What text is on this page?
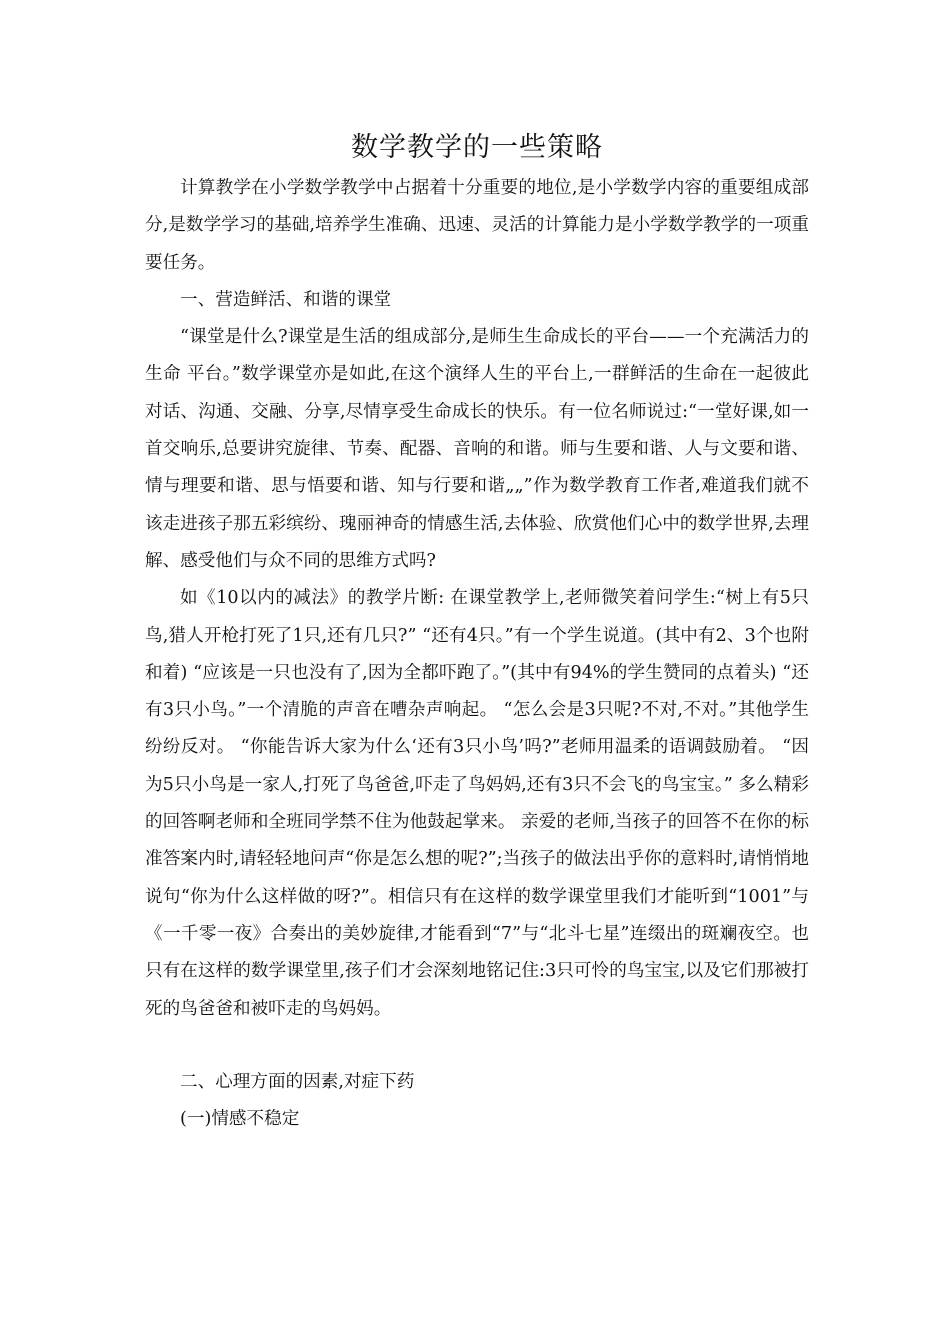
数学教学的一些策略

计算教学在小学数学教学中占据着十分重要的地位,是小学数学内容的重要组成部分,是数学学习的基础,培养学生准确、迅速、灵活的计算能力是小学数学教学的一项重要任务。

一、营造鲜活、和谐的课堂

“课堂是什么?课堂是生活的组成部分,是师生生命成长的平台——一个充满活力的生命 平台。”数学课堂亦是如此,在这个演绎人生的平台上,一群鲜活的生命在一起彼此对话、沟通、交融、分享,尽情享受生命成长的快乐。有一位名师说过:“一堂好课,如一首交响乐,总要讲究旋律、节奏、配器、音响的和谐。师与生要和谐、人与文要和谐、情与理要和谐、思与悟要和谐、知与行要和谐„„”作为数学教育工作者,难道我们就不该走进孩子那五彩缤纷、瑰丽神奇的情感生活,去体验、欣赏他们心中的数学世界,去理解、感受他们与众不同的思维方式吗?

如《10以内的减法》的教学片断: 在课堂教学上,老师微笑着问学生:“树上有5只鸟,猎人开枪打死了1只,还有几只?” “还有4只。”有一个学生说道。(其中有2、3个也附和着) “应该是一只也没有了,因为全都吓跑了。”(其中有94%的学生赞同的点着头) “还有3只小鸟。”一个清脆的声音在嘈杂声响起。 “怎么会是3只呢?不对,不对。”其他学生纷纷反对。 “你能告诉大家为什么‘还有3只小鸟’吗?”老师用温柔的语调鼓励着。 “因为5只小鸟是一家人,打死了鸟爸爸,吓走了鸟妈妈,还有3只不会飞的鸟宝宝。” 多么精彩的回答啊老师和全班同学禁不住为他鼓起掌来。 亲爱的老师,当孩子的回答不在你的标准答案内时,请轻轻地问声“你是怎么想的呢?”;当孩子的做法出乎你的意料时,请悄悄地说句“你为什么这样做的呀?”。相信只有在这样的数学课堂里我们才能听到“1001”与《一千零一夜》合奏出的美妙旋律,才能看到“7”与“北斗七星”连缀出的斑斓夜空。也只有在这样的数学课堂里,孩子们才会深刻地铭记住:3只可怜的鸟宝宝,以及它们那被打死的鸟爸爸和被吓走的鸟妈妈。

二、心理方面的因素,对症下药

(一)情感不稳定
